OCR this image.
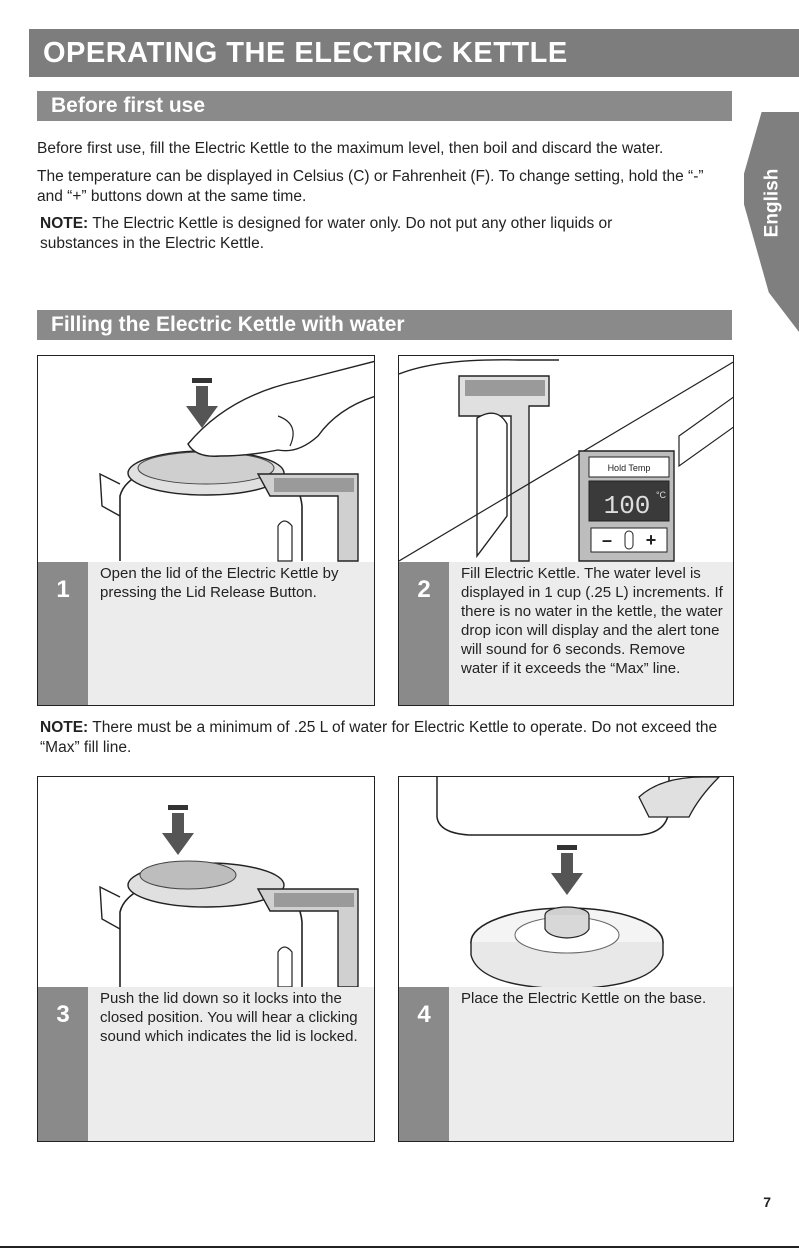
OPERATING THE ELECTRIC KETTLE
English
Before first use
Before first use, fill the Electric Kettle to the maximum level, then boil and discard the water.
The temperature can be displayed in Celsius (C) or Fahrenheit (F). To change setting, hold the “-” and “+” buttons down at the same time.
NOTE: The Electric Kettle is designed for water only. Do not put any other liquids or substances in the Electric Kettle.
Filling the Electric Kettle with water
1
Open the lid of the Electric Kettle by pressing the Lid Release Button.
Hold Temp
100 °C
– +
2
Fill Electric Kettle. The water level is displayed in 1 cup (.25 L) increments. If there is no water in the kettle, the water drop icon will display and the alert tone will sound for 6 seconds. Remove water if it exceeds the “Max” line.
NOTE: There must be a minimum of .25 L of water for Electric Kettle to operate. Do not exceed the “Max” fill line.
3
Push the lid down so it locks into the closed position. You will hear a clicking sound which indicates the lid is locked.
4
Place the Electric Kettle on the base.
7
